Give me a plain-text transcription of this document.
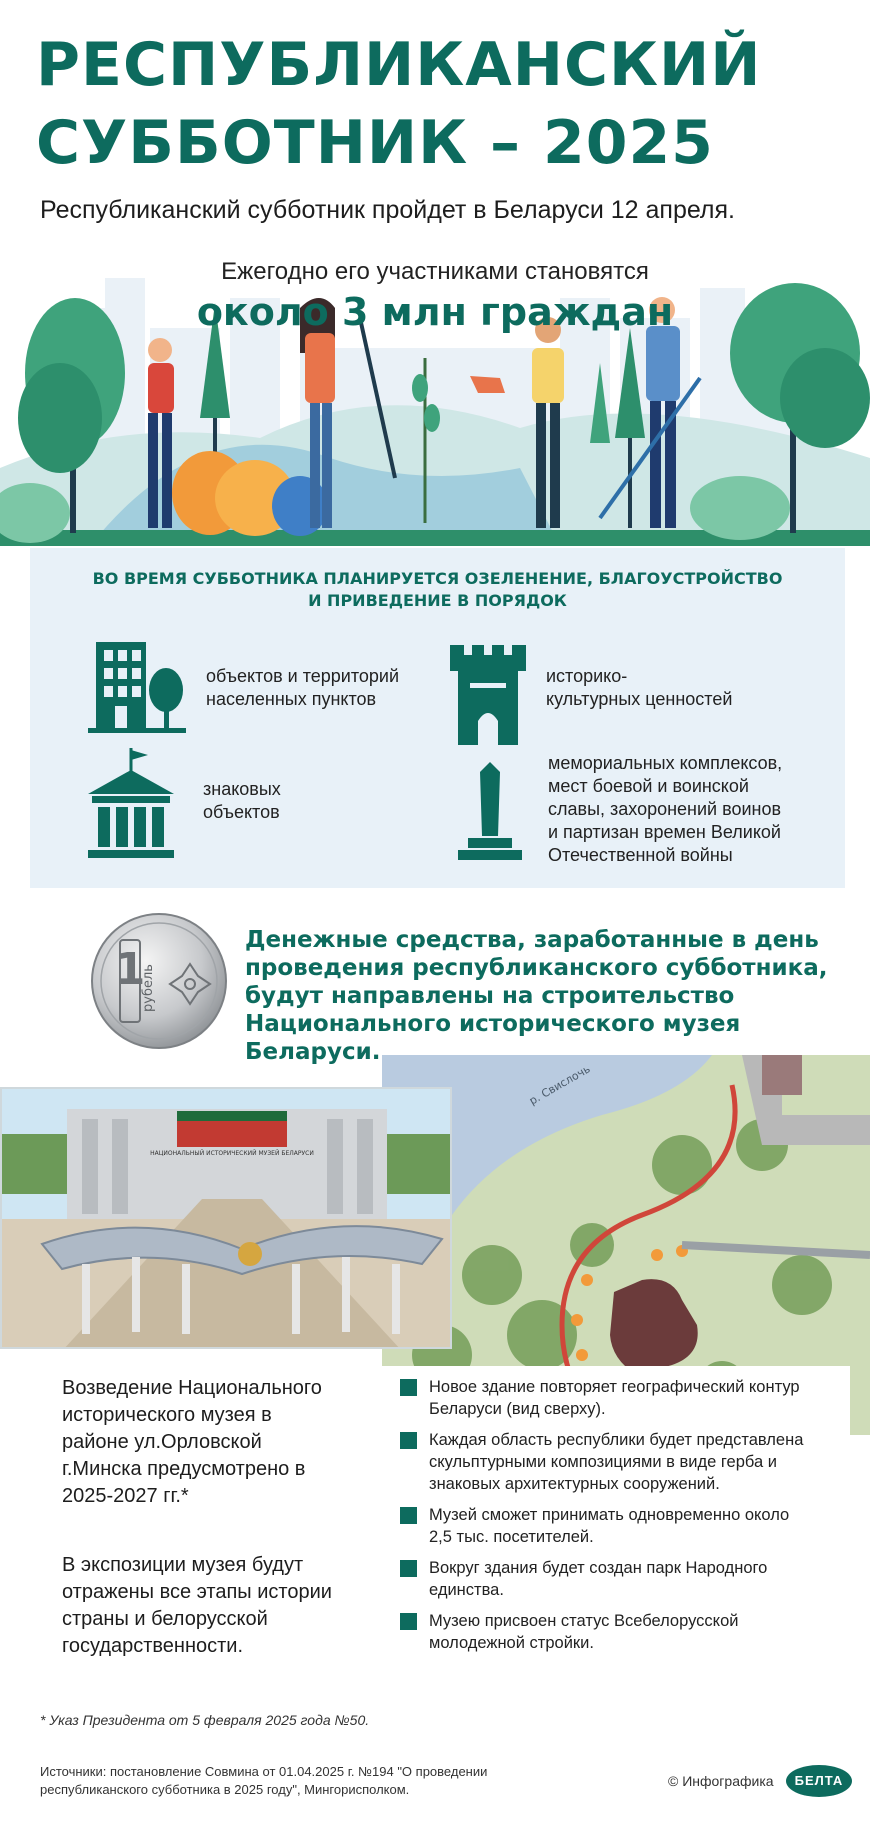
РЕСПУБЛИКАНСКИЙ
СУББОТНИК – 2025
Республиканский субботник пройдет в Беларуси 12 апреля.
Ежегодно его участниками становятся
около 3 млн граждан
ВО ВРЕМЯ СУББОТНИКА ПЛАНИРУЕТСЯ ОЗЕЛЕНЕНИЕ, БЛАГОУСТРОЙСТВО
И ПРИВЕДЕНИЕ В ПОРЯДОК
объектов и территорий
населенных пунктов
историко-
культурных ценностей
знаковых
объектов
мемориальных комплексов,
мест боевой и воинской
славы, захоронений воинов
и партизан времен Великой
Отечественной войны
1
рубель
Денежные средства, заработанные в день
проведения республиканского субботника,
будут направлены на строительство
Национального исторического музея Беларуси.
р. Свислочь
НАЦИОНАЛЬНЫЙ ИСТОРИЧЕСКИЙ МУЗЕЙ БЕЛАРУСИ
Возведение Национального
исторического музея в
районе ул.Орловской
г.Минска предусмотрено в
2025-2027 гг.*
В экспозиции музея будут
отражены все этапы истории
страны и белорусской
государственности.
Новое здание повторяет географический контур
Беларуси (вид сверху).
Каждая область республики будет представлена
скульптурными композициями в виде герба и
знаковых архитектурных сооружений.
Музей сможет принимать одновременно около
2,5 тыс. посетителей.
Вокруг здания будет создан парк Народного
единства.
Музею присвоен статус Всебелорусской
молодежной стройки.
* Указ Президента от 5 февраля 2025 года №50.
Источники: постановление Совмина от 01.04.2025 г. №194 "О проведении
республиканского субботника в 2025 году", Мингорисполком.
© Инфографика	БЕЛТА
